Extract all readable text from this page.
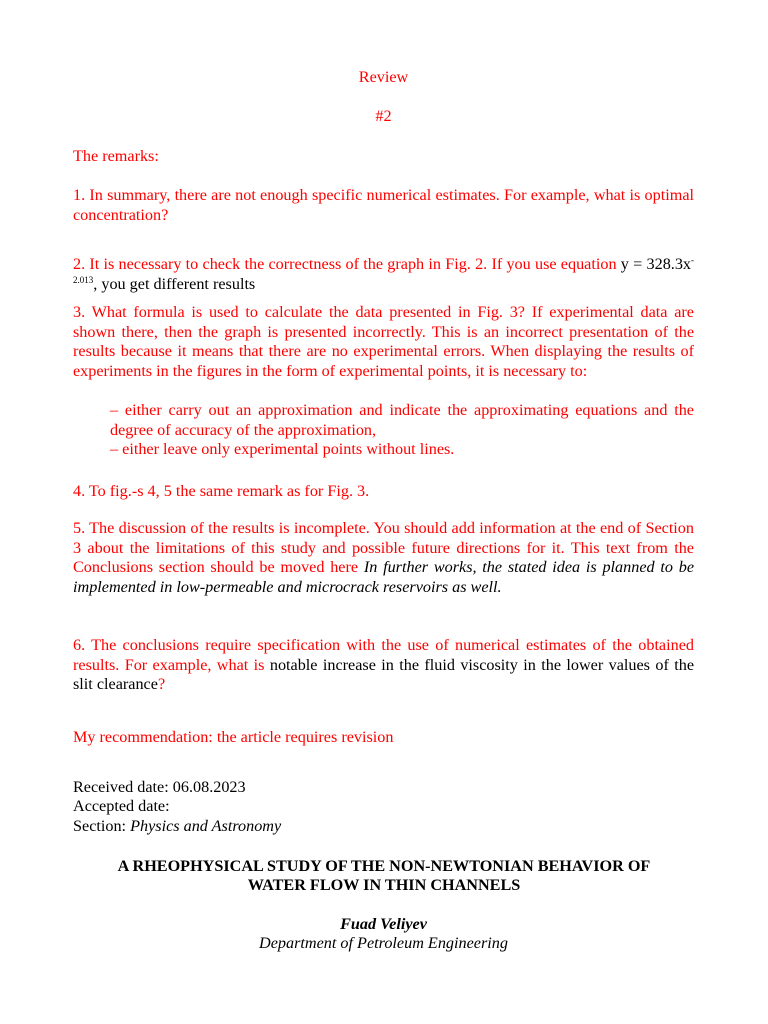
Review

#2

The remarks:

1. In summary, there are not enough specific numerical estimates. For example, what is optimal concentration?

2. It is necessary to check the correctness of the graph in Fig. 2. If you use equation $y = 328.3x^{-2.013}$, you get different results

3. What formula is used to calculate the data presented in Fig. 3? If experimental data are shown there, then the graph is presented incorrectly. This is an incorrect presentation of the results because it means that there are no experimental errors. When displaying the results of experiments in the figures in the form of experimental points, it is necessary to:

– either carry out an approximation and indicate the approximating equations and the degree of accuracy of the approximation,

– either leave only experimental points without lines.

4. To fig.-s 4, 5 the same remark as for Fig. 3.

5. The discussion of the results is incomplete. You should add information at the end of Section 3 about the limitations of this study and possible future directions for it. This text from the Conclusions section should be moved here In further works, the stated idea is planned to be implemented in low-permeable and microcrack reservoirs as well.

6. The conclusions require specification with the use of numerical estimates of the obtained results. For example, what is notable increase in the fluid viscosity in the lower values of the slit clearance?

My recommendation: the article requires revision

Received date: 06.08.2023

Accepted date:

Section: Physics and Astronomy

A RHEOPHYSICAL STUDY OF THE NON-NEWTONIAN BEHAVIOR OF

WATER FLOW IN THIN CHANNELS

Fuad Veliyev

Department of Petroleum Engineering
